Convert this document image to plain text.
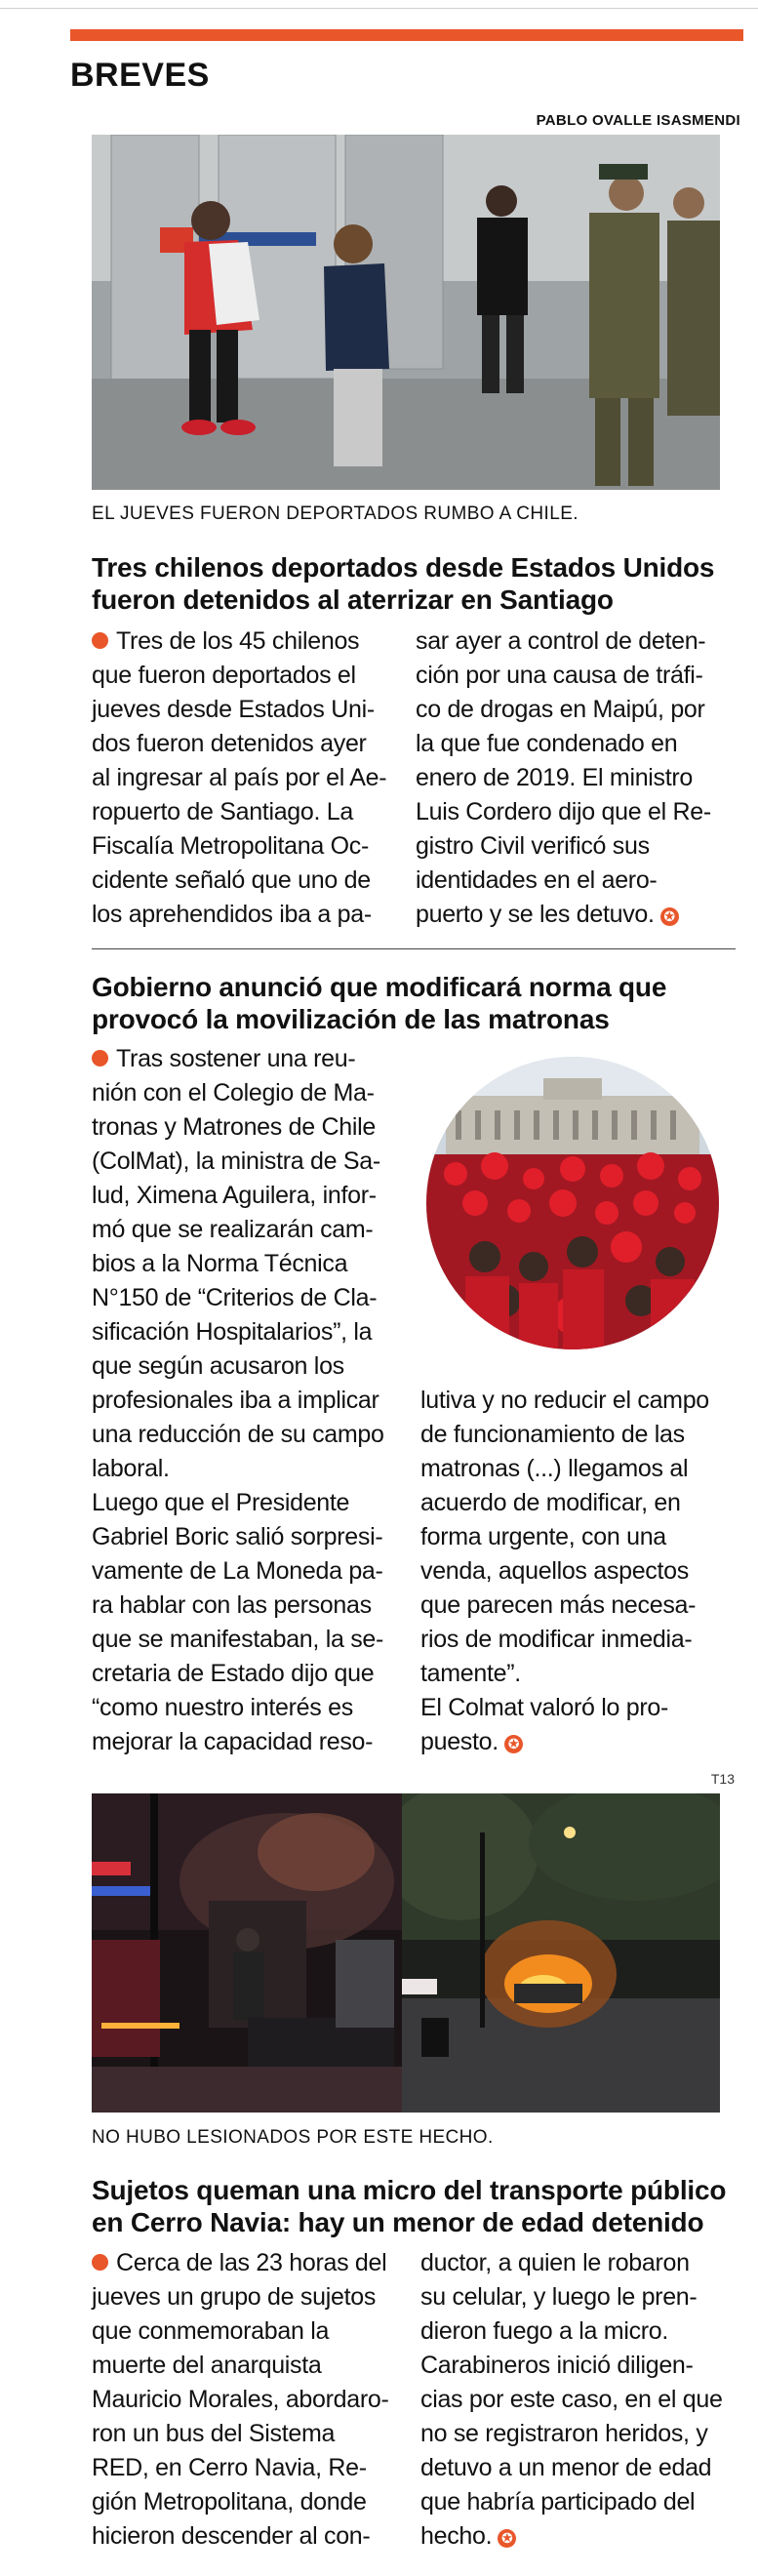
BREVES
PABLO OVALLE ISASMENDI
EL JUEVES FUERON DEPORTADOS RUMBO A CHILE.
Tres chilenos deportados desde Estados Unidos
fueron detenidos al aterrizar en Santiago

Tres de los 45 chilenos

que fueron deportados el

jueves desde Estados Uni-

dos fueron detenidos ayer

al ingresar al país por el Ae-

ropuerto de Santiago. La

Fiscalía Metropolitana Oc-

cidente señaló que uno de

los aprehendidos iba a pa-

sar ayer a control de deten-

ción por una causa de tráfi-

co de drogas en Maipú, por

la que fue condenado en

enero de 2019. El ministro

Luis Cordero dijo que el Re-

gistro Civil verificó sus

identidades en el aero-

puerto y se les detuvo. ✪

Gobierno anunció que modificará norma que
provocó la movilización de las matronas

Tras sostener una reu-

nión con el Colegio de Ma-

tronas y Matrones de Chile

(ColMat), la ministra de Sa-

lud, Ximena Aguilera, infor-

mó que se realizarán cam-

bios a la Norma Técnica

N°150 de “Criterios de Cla-

sificación Hospitalarios”, la

que según acusaron los

profesionales iba a implicar

una reducción de su campo

laboral.

Luego que el Presidente

Gabriel Boric salió sorpresi-

vamente de La Moneda pa-

ra hablar con las personas

que se manifestaban, la se-

cretaria de Estado dijo que

“como nuestro interés es

mejorar la capacidad reso-

lutiva y no reducir el campo

de funcionamiento de las

matronas (...) llegamos al

acuerdo de modificar, en

forma urgente, con una

venda, aquellos aspectos

que parecen más necesa-

rios de modificar inmedia-

tamente”.

El Colmat valoró lo pro-

puesto. ✪

T13
NO HUBO LESIONADOS POR ESTE HECHO.
Sujetos queman una micro del transporte público
en Cerro Navia: hay un menor de edad detenido

Cerca de las 23 horas del

jueves un grupo de sujetos

que conmemoraban la

muerte del anarquista

Mauricio Morales, abordaro-

ron un bus del Sistema

RED, en Cerro Navia, Re-

gión Metropolitana, donde

hicieron descender al con-

ductor, a quien le robaron

su celular, y luego le pren-

dieron fuego a la micro.

Carabineros inició diligen-

cias por este caso, en el que

no se registraron heridos, y

detuvo a un menor de edad

que habría participado del

hecho. ✪
